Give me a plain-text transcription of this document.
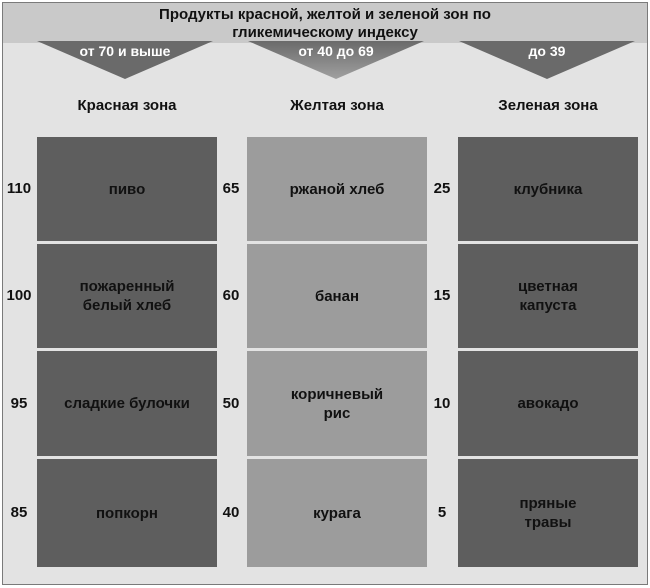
Продукты красной, желтой и зеленой зон по
гликемическому индексу
от 70 и выше
Красная зона
пиво
110
пожаренный
белый хлеб
100
сладкие булочки
95
попкорн
85
от 40 до 69
Желтая зона
ржаной хлеб
65
банан
60
коричневый
рис
50
курага
40
до 39
Зеленая зона
клубника
25
цветная
капуста
15
авокадо
10
пряные
травы
5
